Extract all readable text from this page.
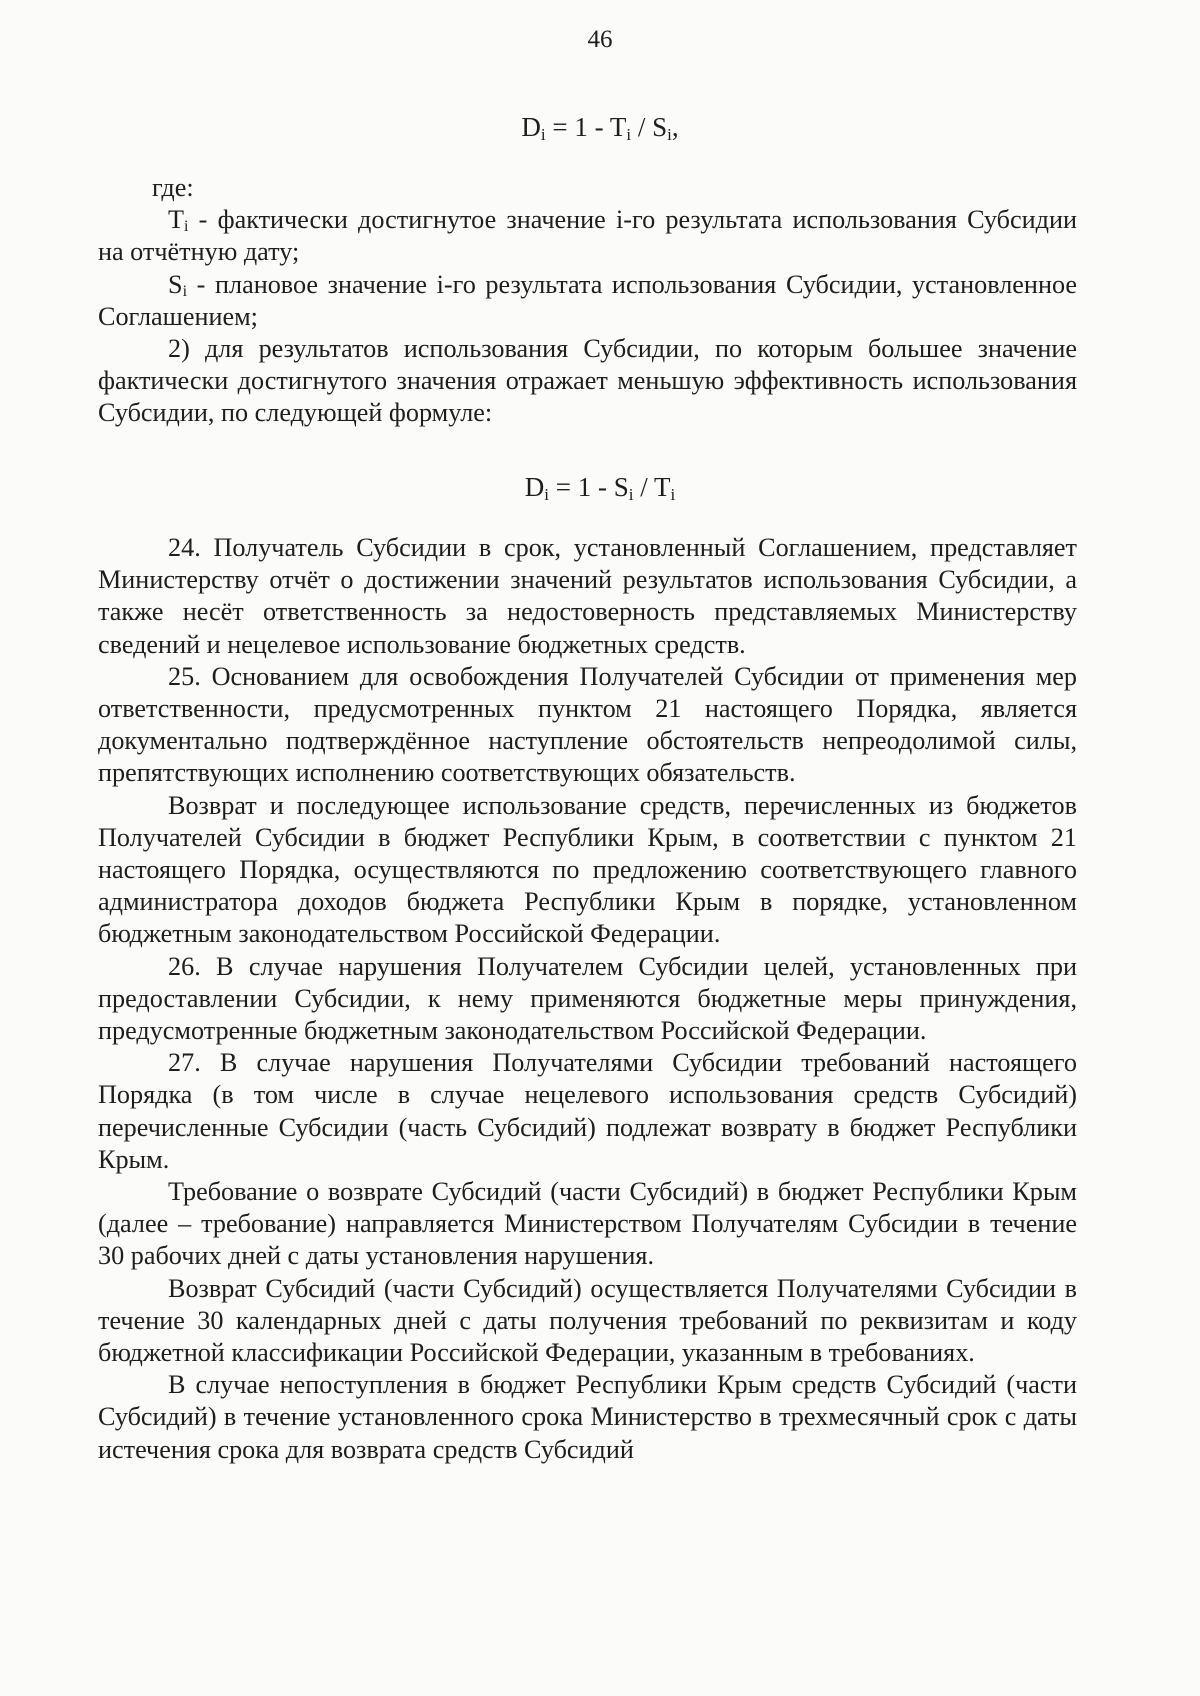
46
$D_i = 1 - T_i / S_i$,

где:

$T_i$ - фактически достигнутое значение i-го результата использования Субсидии на отчётную дату;

$S_i$ - плановое значение i-го результата использования Субсидии, установленное Соглашением;

2) для результатов использования Субсидии, по которым большее значение фактически достигнутого значения отражает меньшую эффективность использования Субсидии, по следующей формуле:

$D_i = 1 - S_i / T_i$

24. Получатель Субсидии в срок, установленный Соглашением, представляет Министерству отчёт о достижении значений результатов использования Субсидии, а также несёт ответственность за недостоверность представляемых Министерству сведений и нецелевое использование бюджетных средств.

25. Основанием для освобождения Получателей Субсидии от применения мер ответственности, предусмотренных пунктом 21 настоящего Порядка, является документально подтверждённое наступление обстоятельств непреодолимой силы, препятствующих исполнению соответствующих обязательств.

Возврат и последующее использование средств, перечисленных из бюджетов Получателей Субсидии в бюджет Республики Крым, в соответствии с пунктом 21 настоящего Порядка, осуществляются по предложению соответствующего главного администратора доходов бюджета Республики Крым в порядке, установленном бюджетным законодательством Российской Федерации.

26. В случае нарушения Получателем Субсидии целей, установленных при предоставлении Субсидии, к нему применяются бюджетные меры принуждения, предусмотренные бюджетным законодательством Российской Федерации.

27. В случае нарушения Получателями Субсидии требований настоящего Порядка (в том числе в случае нецелевого использования средств Субсидий) перечисленные Субсидии (часть Субсидий) подлежат возврату в бюджет Республики Крым.

Требование о возврате Субсидий (части Субсидий) в бюджет Республики Крым (далее – требование) направляется Министерством Получателям Субсидии в течение 30 рабочих дней с даты установления нарушения.

Возврат Субсидий (части Субсидий) осуществляется Получателями Субсидии в течение 30 календарных дней с даты получения требований по реквизитам и коду бюджетной классификации Российской Федерации, указанным в требованиях.

В случае непоступления в бюджет Республики Крым средств Субсидий (части Субсидий) в течение установленного срока Министерство в трехмесячный срок с даты истечения срока для возврата средств Субсидий
